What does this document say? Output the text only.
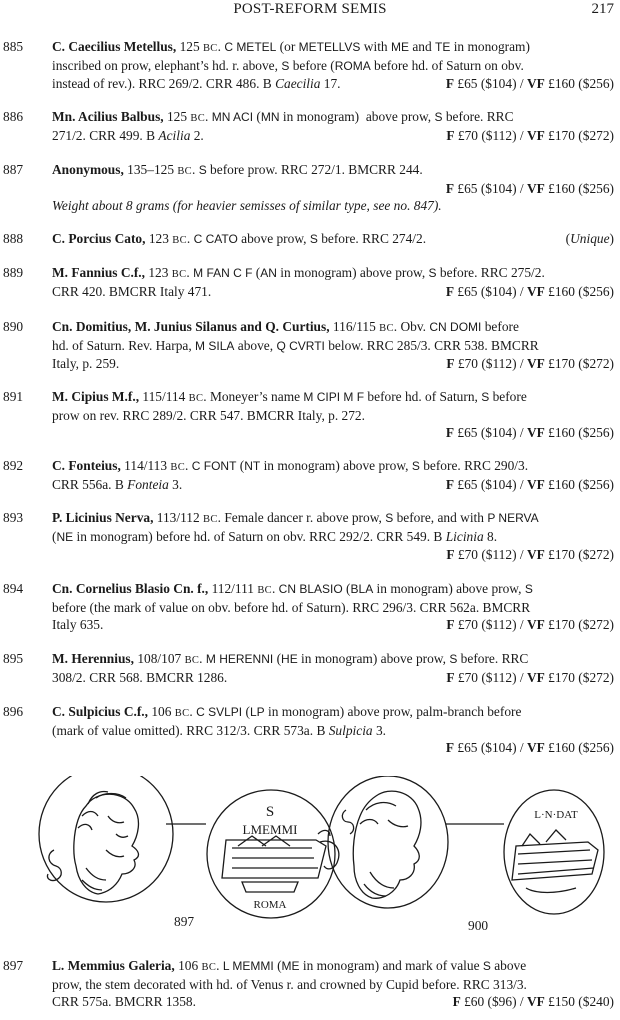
POST-REFORM SEMIS	217
885	C. Caecilius Metellus, 125 BC. C METEL (or METELLVS with ME and TE in monogram)
inscribed on prow, elephant’s hd. r. above, S before (ROMA before hd. of Saturn on obv.
instead of rev.). RRC 269/2. CRR 486. B Caecilia 17.	F £65 ($104) / VF £160 ($256)
886	Mn. Acilius Balbus, 125 BC. MN ACI (MN in monogram)  above prow, S before. RRC
271/2. CRR 499. B Acilia 2.	F £70 ($112) / VF £170 ($272)
887	Anonymous, 135–125 BC. S before prow. RRC 272/1. BMCRR 244.
F £65 ($104) / VF £160 ($256)
Weight about 8 grams (for heavier semisses of similar type, see no. 847).
888	C. Porcius Cato, 123 BC. C CATO above prow, S before. RRC 274/2.	(Unique)
889	M. Fannius C.f., 123 BC. M FAN C F (AN in monogram) above prow, S before. RRC 275/2.
CRR 420. BMCRR Italy 471.	F £65 ($104) / VF £160 ($256)
890	Cn. Domitius, M. Junius Silanus and Q. Curtius, 116/115 BC. Obv. CN DOMI before
hd. of Saturn. Rev. Harpa, M SILA above, Q CVRTI below. RRC 285/3. CRR 538. BMCRR
Italy, p. 259.	F £70 ($112) / VF £170 ($272)
891	M. Cipius M.f., 115/114 BC. Moneyer’s name M CIPI M F before hd. of Saturn, S before
prow on rev. RRC 289/2. CRR 547. BMCRR Italy, p. 272.
F £65 ($104) / VF £160 ($256)
892	C. Fonteius, 114/113 BC. C FONT (NT in monogram) above prow, S before. RRC 290/3.
CRR 556a. B Fonteia 3.	F £65 ($104) / VF £160 ($256)
893	P. Licinius Nerva, 113/112 BC. Female dancer r. above prow, S before, and with P NERVA
(NE in monogram) before hd. of Saturn on obv. RRC 292/2. CRR 549. B Licinia 8.
F £70 ($112) / VF £170 ($272)
894	Cn. Cornelius Blasio Cn. f., 112/111 BC. CN BLASIO (BLA in monogram) above prow, S
before (the mark of value on obv. before hd. of Saturn). RRC 296/3. CRR 562a. BMCRR
Italy 635.	F £70 ($112) / VF £170 ($272)
895	M. Herennius, 108/107 BC. M HERENNI (HE in monogram) above prow, S before. RRC
308/2. CRR 568. BMCRR 1286.	F £70 ($112) / VF £170 ($272)
896	C. Sulpicius C.f., 106 BC. C SVLPI (LP in monogram) above prow, palm-branch before
(mark of value omitted). RRC 312/3. CRR 573a. B Sulpicia 3.
F £65 ($104) / VF £160 ($256)
897	L. Memmius Galeria, 106 BC. L MEMMI (ME in monogram) and mark of value S above
prow, the stem decorated with hd. of Venus r. and crowned by Cupid before. RRC 313/3.
CRR 575a. BMCRR 1358.	F £60 ($96) / VF £150 ($240)
S
LMEMMI
ROMA
L·N·DAT
897	900
